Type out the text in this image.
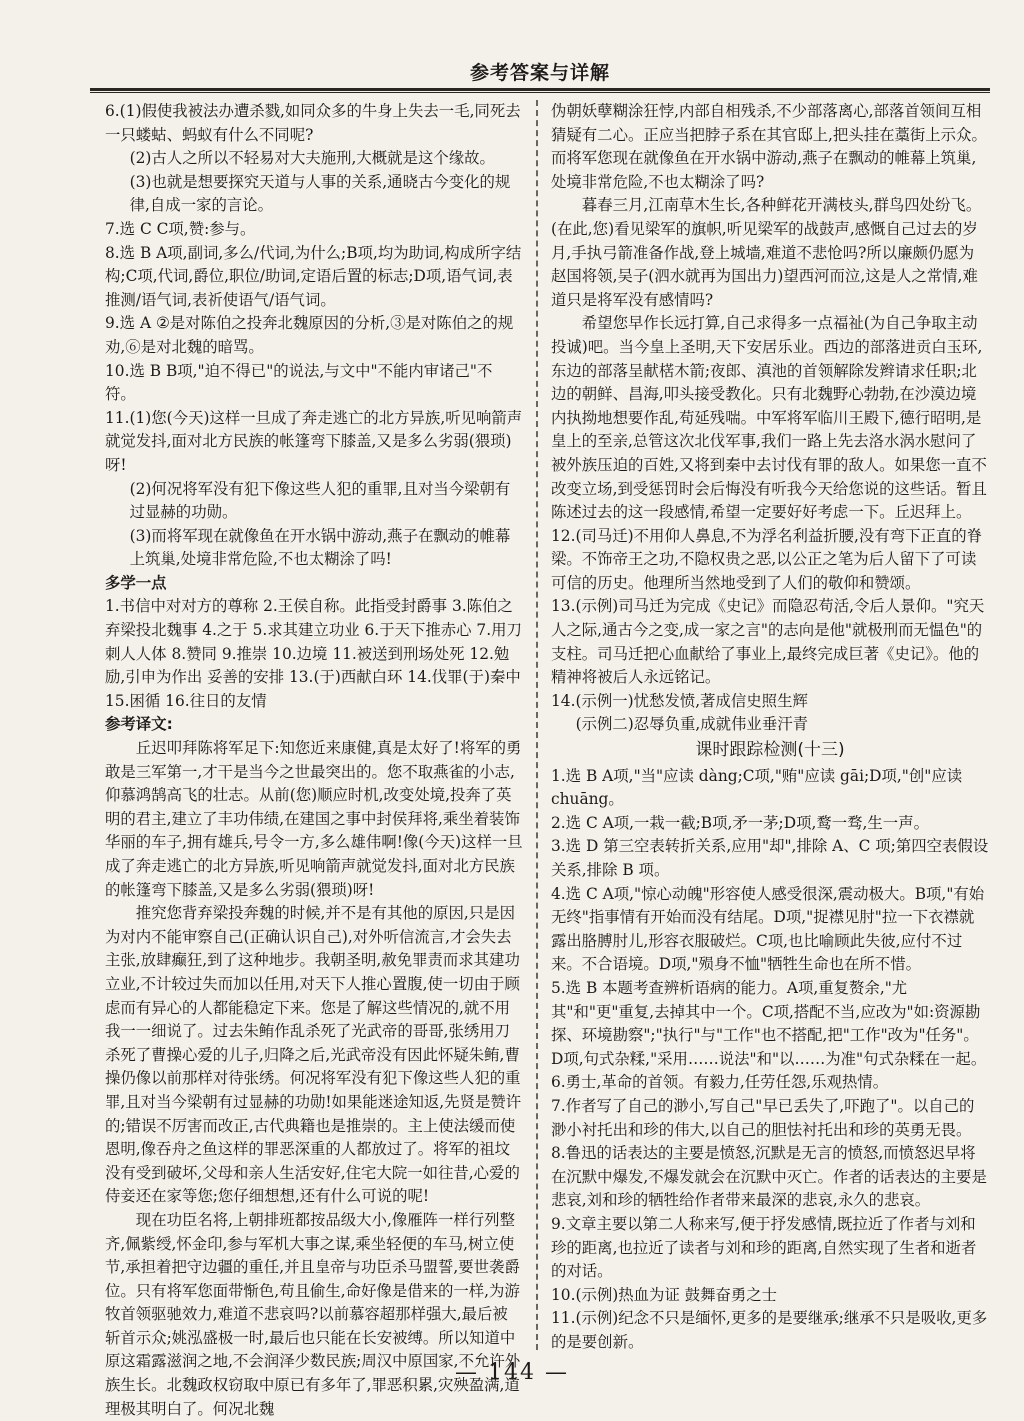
参考答案与详解

6.(1)假使我被法办遭杀戮,如同众多的牛身上失去一毛,同死去一只蝼蛄、蚂蚁有什么不同呢?

(2)古人之所以不轻易对大夫施刑,大概就是这个缘故。

(3)也就是想要探究天道与人事的关系,通晓古今变化的规律,自成一家的言论。

7.选 C C项,赞:参与。

8.选 B A项,副词,多么/代词,为什么;B项,均为助词,构成所字结构;C项,代词,爵位,职位/助词,定语后置的标志;D项,语气词,表推测/语气词,表祈使语气/语气词。

9.选 A ②是对陈伯之投奔北魏原因的分析,③是对陈伯之的规劝,⑥是对北魏的暗骂。

10.选 B B项,"迫不得已"的说法,与文中"不能内审诸己"不符。

11.(1)您(今天)这样一旦成了奔走逃亡的北方异族,听见响箭声就觉发抖,面对北方民族的帐篷弯下膝盖,又是多么劣弱(猥琐)呀!

(2)何况将军没有犯下像这些人犯的重罪,且对当今梁朝有过显赫的功勋。

(3)而将军现在就像鱼在开水锅中游动,燕子在飘动的帷幕上筑巢,处境非常危险,不也太糊涂了吗!

多学一点

1.书信中对对方的尊称 2.王侯自称。此指受封爵事 3.陈伯之弃梁投北魏事 4.之于 5.求其建立功业 6.于天下推赤心 7.用刀刺人人体 8.赞同 9.推崇 10.边境 11.被送到刑场处死 12.勉励,引申为作出 妥善的安排 13.(于)西献白环 14.伐罪(于)秦中 15.困循 16.往日的友情

参考译文:

丘迟叩拜陈将军足下:知您近来康健,真是太好了!将军的勇敢是三军第一,才干是当今之世最突出的。您不取燕雀的小志,仰慕鸿鹄高飞的壮志。从前(您)顺应时机,改变处境,投奔了英明的君主,建立了丰功伟绩,在建国之事中封侯拜将,乘坐着装饰华丽的车子,拥有雄兵,号令一方,多么雄伟啊!像(今天)这样一旦成了奔走逃亡的北方异族,听见响箭声就觉发抖,面对北方民族的帐篷弯下膝盖,又是多么劣弱(猥琐)呀!

推究您背弃梁投奔魏的时候,并不是有其他的原因,只是因为对内不能审察自己(正确认识自己),对外听信流言,才会失去主张,放肆癫狂,到了这种地步。我朝圣明,赦免罪责而求其建功立业,不计较过失而加以任用,对天下人推心置腹,使一切由于顾虑而有异心的人都能稳定下来。您是了解这些情况的,就不用我一一细说了。过去朱鲔作乱杀死了光武帝的哥哥,张绣用刀杀死了曹操心爱的儿子,归降之后,光武帝没有因此怀疑朱鲔,曹操仍像以前那样对待张绣。何况将军没有犯下像这些人犯的重罪,且对当今梁朝有过显赫的功勋!如果能迷途知返,先贤是赞许的;错误不厉害而改正,古代典籍也是推崇的。主上使法缓而使恩明,像吞舟之鱼这样的罪恶深重的人都放过了。将军的祖坟没有受到破坏,父母和亲人生活安好,住宅大院一如往昔,心爱的侍妾还在家等您;您仔细想想,还有什么可说的呢!

现在功臣名将,上朝排班都按品级大小,像雁阵一样行列整齐,佩紫绶,怀金印,参与军机大事之谋,乘坐轻便的车马,树立使节,承担着把守边疆的重任,并且皇帝与功臣杀马盟誓,要世袭爵位。只有将军您面带惭色,苟且偷生,命好像是借来的一样,为游牧首领驱驰效力,难道不悲哀吗?以前慕容超那样强大,最后被斩首示众;姚泓盛极一时,最后也只能在长安被缚。所以知道中原这霜露滋润之地,不会润泽少数民族;周汉中原国家,不允许外族生长。北魏政权窃取中原已有多年了,罪恶积累,灾殃盈满,道理极其明白了。何况北魏

伪朝妖孽糊涂狂悖,内部自相残杀,不少部落离心,部落首领间互相猜疑有二心。正应当把脖子系在其官邸上,把头挂在藁街上示众。而将军您现在就像鱼在开水锅中游动,燕子在飘动的帷幕上筑巢,处境非常危险,不也太糊涂了吗?

暮春三月,江南草木生长,各种鲜花开满枝头,群鸟四处纷飞。(在此,您)看见梁军的旗帜,听见梁军的战鼓声,感慨自己过去的岁月,手执弓箭准备作战,登上城墙,难道不悲怆吗?所以廉颇仍愿为赵国将领,吴子(泗水就再为国出力)望西河而泣,这是人之常情,难道只是将军没有感情吗?

希望您早作长远打算,自己求得多一点福祉(为自己争取主动投诚)吧。当今皇上圣明,天下安居乐业。西边的部落进贡白玉环,东边的部落呈献楛木箭;夜郎、滇池的首领解除发辫请求任职;北边的朝鲜、昌海,叩头接受教化。只有北魏野心勃勃,在沙漠边境内执拗地想要作乱,苟延残喘。中军将军临川王殿下,德行昭明,是皇上的至亲,总管这次北伐军事,我们一路上先去洛水涡水慰问了被外族压迫的百姓,又将到秦中去讨伐有罪的敌人。如果您一直不改变立场,到受惩罚时会后悔没有听我今天给您说的这些话。暂且陈述过去的这一段感情,希望一定要好好考虑一下。丘迟拜上。

12.(司马迁)不用仰人鼻息,不为浮名利益折腰,没有弯下正直的脊梁。不饰帝王之功,不隐权贵之恶,以公正之笔为后人留下了可读可信的历史。他理所当然地受到了人们的敬仰和赞颂。

13.(示例)司马迁为完成《史记》而隐忍苟活,令后人景仰。"究天人之际,通古今之变,成一家之言"的志向是他"就极刑而无愠色"的支柱。司马迁把心血献给了事业上,最终完成巨著《史记》。他的精神将被后人永远铭记。

14.(示例一)忧愁发愤,著成信史照生辉

(示例二)忍辱负重,成就伟业垂汗青

课时跟踪检测(十三)

1.选 B A项,"当"应读 dàng;C项,"贿"应读 gāi;D项,"创"应读 chuāng。

2.选 C A项,一栽一截;B项,矛一茅;D项,鹜一骛,生一声。

3.选 D 第三空表转折关系,应用"却",排除 A、C 项;第四空表假设关系,排除 B 项。

4.选 C A项,"惊心动魄"形容使人感受很深,震动极大。B项,"有始无终"指事情有开始而没有结尾。D项,"捉襟见肘"拉一下衣襟就露出胳膊肘儿,形容衣服破烂。C项,也比喻顾此失彼,应付不过来。不合语境。D项,"殒身不恤"牺牲生命也在所不惜。

5.选 B 本题考查辨析语病的能力。A项,重复赘余,"尤其"和"更"重复,去掉其中一个。C项,搭配不当,应改为"如:资源勘探、环境勘察";"执行"与"工作"也不搭配,把"工作"改为"任务"。D项,句式杂糅,"采用……说法"和"以……为准"句式杂糅在一起。

6.勇士,革命的首领。有毅力,任劳任怨,乐观热情。

7.作者写了自己的渺小,写自己"早已丢失了,吓跑了"。以自己的渺小衬托出和珍的伟大,以自己的胆怯衬托出和珍的英勇无畏。

8.鲁迅的话表达的主要是愤怒,沉默是无言的愤怒,而愤怒迟早将在沉默中爆发,不爆发就会在沉默中灭亡。作者的话表达的主要是悲哀,刘和珍的牺牲给作者带来最深的悲哀,永久的悲哀。

9.文章主要以第二人称来写,便于抒发感情,既拉近了作者与刘和珍的距离,也拉近了读者与刘和珍的距离,自然实现了生者和逝者的对话。

10.(示例)热血为证 鼓舞奋勇之士

11.(示例)纪念不只是缅怀,更多的是要继承;继承不只是吸收,更多的是要创新。

— 144 —
